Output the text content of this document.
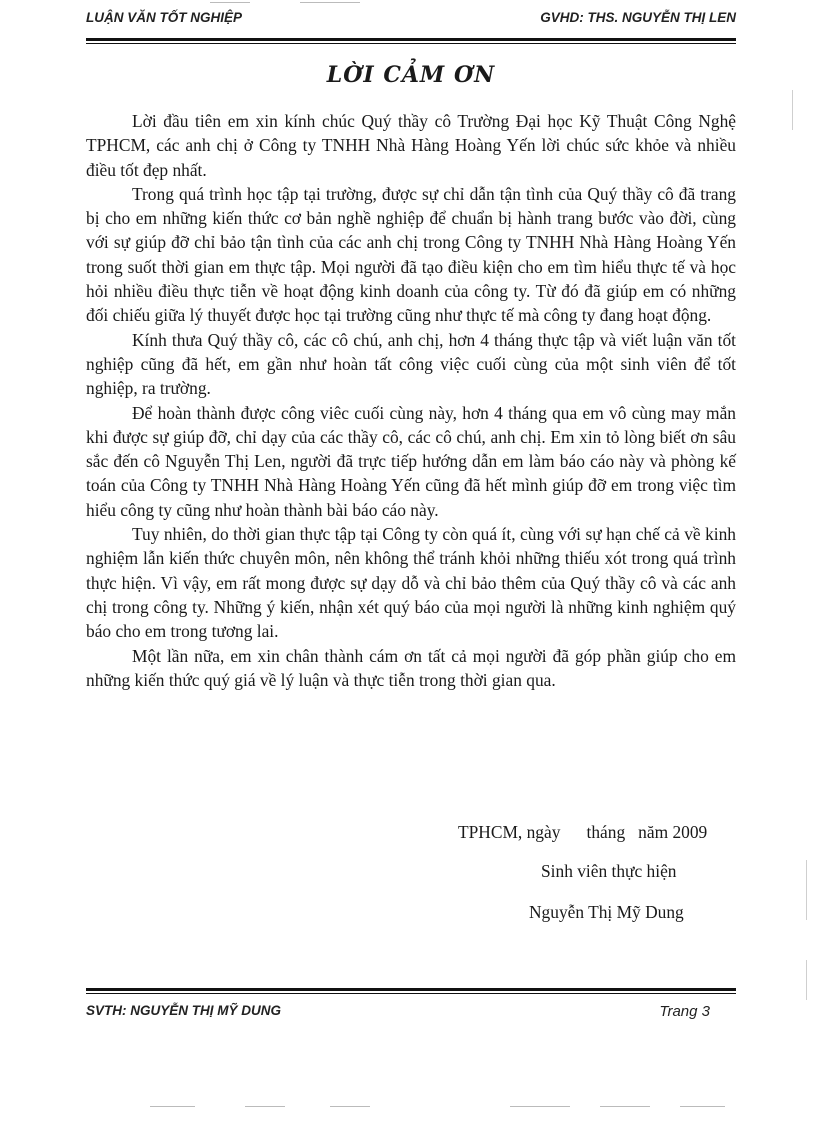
LUẬN VĂN TỐT NGHIỆP	GVHD: THS. NGUYỄN THỊ LEN
LỜI CẢM ƠN

Lời đầu tiên em xin kính chúc Quý thầy cô Trường Đại học Kỹ Thuật Công Nghệ TPHCM, các anh chị ở Công ty TNHH Nhà Hàng Hoàng Yến lời chúc sức khỏe và nhiều điều tốt đẹp nhất.

Trong quá trình học tập tại trường, được sự chỉ dẫn tận tình của Quý thầy cô đã trang bị cho em những kiến thức cơ bản nghề nghiệp để chuẩn bị hành trang bước vào đời, cùng với sự giúp đỡ chỉ bảo tận tình của các anh chị trong Công ty TNHH Nhà Hàng Hoàng Yến trong suốt thời gian em thực tập. Mọi người đã tạo điều kiện cho em tìm hiểu thực tế và học hỏi nhiều điều thực tiễn về hoạt động kinh doanh của công ty. Từ đó đã giúp em có những đối chiếu giữa lý thuyết được học tại trường cũng như thực tế mà công ty đang hoạt động.

Kính thưa Quý thầy cô, các cô chú, anh chị, hơn 4 tháng thực tập và viết luận văn tốt nghiệp cũng đã hết, em gần như hoàn tất công việc cuối cùng của một sinh viên để tốt nghiệp, ra trường.

Để hoàn thành được công viêc cuối cùng này, hơn 4 tháng qua em vô cùng may mắn khi được sự giúp đỡ, chỉ dạy của các thầy cô, các cô chú, anh chị. Em xin tỏ lòng biết ơn sâu sắc đến cô Nguyễn Thị Len, người đã trực tiếp hướng dẫn em làm báo cáo này và phòng kế toán của Công ty TNHH Nhà Hàng Hoàng Yến cũng đã hết mình giúp đỡ em trong việc tìm hiểu công ty cũng như hoàn thành bài báo cáo này.

Tuy nhiên, do thời gian thực tập tại Công ty còn quá ít, cùng với sự hạn chế cả về kinh nghiệm lẫn kiến thức chuyên môn, nên không thể tránh khỏi những thiếu xót trong quá trình thực hiện. Vì vậy, em rất mong được sự dạy dỗ và chỉ bảo thêm của Quý thầy cô và các anh chị trong công ty. Những ý kiến, nhận xét quý báo của mọi người là những kinh nghiệm quý báo cho em trong tương lai.

Một lần nữa, em xin chân thành cám ơn tất cả mọi người đã góp phần giúp cho em những kiến thức quý giá về lý luận và thực tiễn trong thời gian qua.

TPHCM, ngày      tháng   năm 2009
Sinh viên thực hiện
Nguyễn Thị Mỹ Dung
SVTH: NGUYỄN THỊ MỸ DUNG	Trang 3
